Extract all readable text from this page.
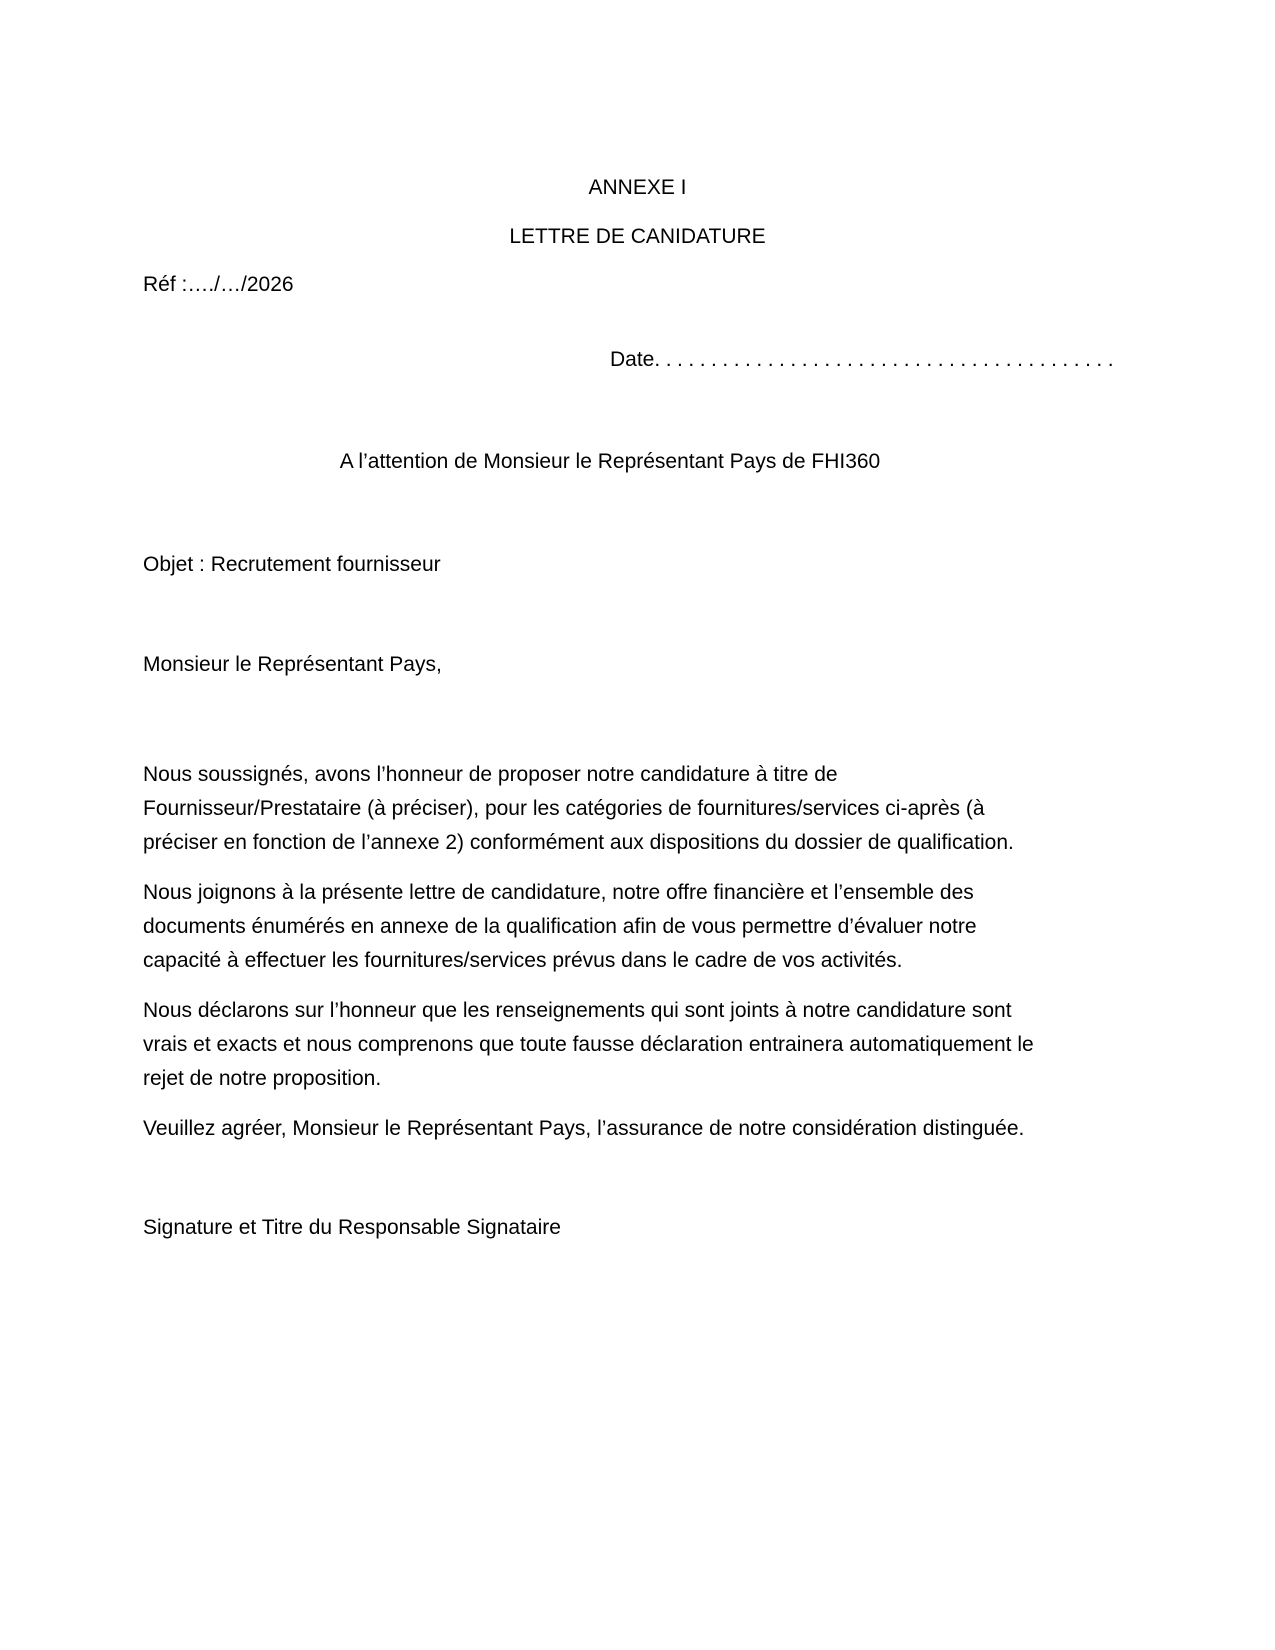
ANNEXE I
LETTRE DE CANIDATURE
Réf :…./…/2026
Date.........................................
A l’attention de Monsieur le Représentant Pays de FHI360
Objet : Recrutement fournisseur
Monsieur le Représentant Pays,
Nous soussignés, avons l’honneur de proposer notre candidature à titre de
Fournisseur/Prestataire (à préciser), pour les catégories de fournitures/services ci-après (à
préciser en fonction de l’annexe 2) conformément aux dispositions du dossier de qualification.
Nous joignons à la présente lettre de candidature, notre offre financière et l’ensemble des
documents énumérés en annexe de la qualification afin de vous permettre d’évaluer notre
capacité à effectuer les fournitures/services prévus dans le cadre de vos activités.
Nous déclarons sur l’honneur que les renseignements qui sont joints à notre candidature sont
vrais et exacts et nous comprenons que toute fausse déclaration entrainera automatiquement le
rejet de notre proposition.
Veuillez agréer, Monsieur le Représentant Pays, l’assurance de notre considération distinguée.
Signature et Titre du Responsable Signataire
